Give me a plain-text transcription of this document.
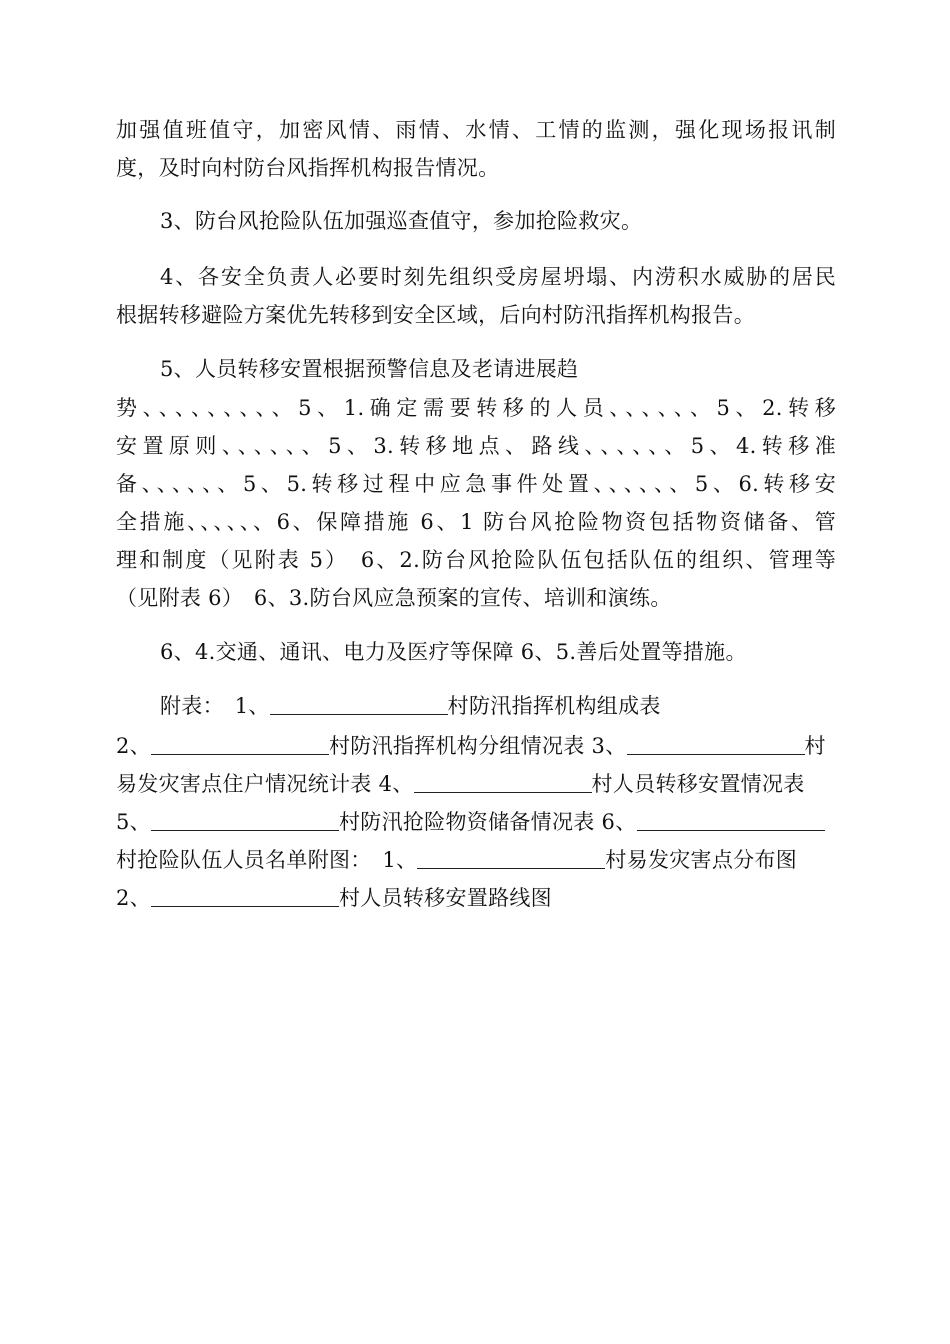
加强值班值守，加密风情、雨情、水情、工情的监测，强化现场报讯制
度，及时向村防台风指挥机构报告情况。
3、防台风抢险队伍加强巡查值守，参加抢险救灾。
4、各安全负责人必要时刻先组织受房屋坍塌、内涝积水威胁的居民
根据转移避险方案优先转移到安全区域，后向村防汛指挥机构报告。
5、人员转移安置根据预警信息及老请进展趋
势、、、、、、、、、5、1.确定需要转移的人员、、、、、、5、2.转移
安置原则、、、、、、5、3.转移地点、路线、、、、、、5、4.转移准
备、、、、、、5、5.转移过程中应急事件处置、、、、、、5、6.转移安
全措施、、、、、、6、保障措施 6、1 防台风抢险物资包括物资储备、管
理和制度（见附表 5）　6、2.防台风抢险队伍包括队伍的组织、管理等
（见附表 6）　6、3.防台风应急预案的宣传、培训和演练。
6、4.交通、通讯、电力及医疗等保障 6、5.善后处置等措施。
附表：　1、	村防汛指挥机构组成表
2、	村防汛指挥机构分组情况表 3、	村
易发灾害点住户情况统计表 4、	村人员转移安置情况表
5、	村防汛抢险物资储备情况表 6、
村抢险队伍人员名单附图：　1、	村易发灾害点分布图
2、	村人员转移安置路线图
